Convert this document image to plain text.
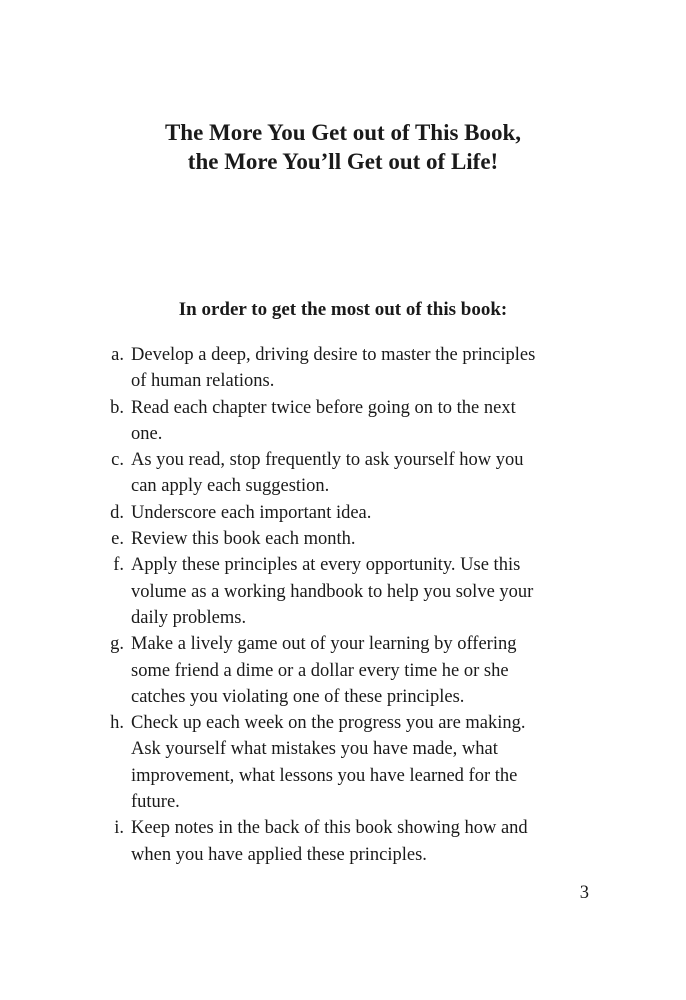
The More You Get out of This Book,
the More You’ll Get out of Life!
In order to get the most out of this book:
a. Develop a deep, driving desire to master the principles
of human relations.
b. Read each chapter twice before going on to the next
one.
c. As you read, stop frequently to ask yourself how you
can apply each suggestion.
d. Underscore each important idea.
e. Review this book each month.
f. Apply these principles at every opportunity. Use this
volume as a working handbook to help you solve your
daily problems.
g. Make a lively game out of your learning by offering
some friend a dime or a dollar every time he or she
catches you violating one of these principles.
h. Check up each week on the progress you are making.
Ask yourself what mistakes you have made, what
improvement, what lessons you have learned for the
future.
i. Keep notes in the back of this book showing how and
when you have applied these principles.
3
